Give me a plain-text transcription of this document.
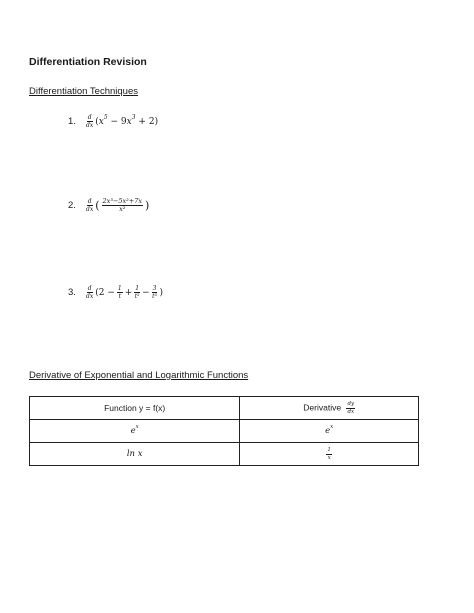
Differentiation Revision
Differentiation Techniques
1.	$\frac{d}{dx} (x^5 - 9x^3 + 2)$
2.	$\frac{d}{dx}$ ( $\frac{\text{2x³−5x²+7x}}{\text{x²}}$ )
3.	$\frac{d}{dx} (2 - \frac{1}{t} + \frac{1}{\text{t²}} - \frac{3}{\text{t³}}$ )
Derivative of Exponential and Logarithmic Functions
Function y = f(x)	Derivative $\frac{dy}{dx}$

$e^x$	$e^x$
ln x	$\frac{1}{x}$
